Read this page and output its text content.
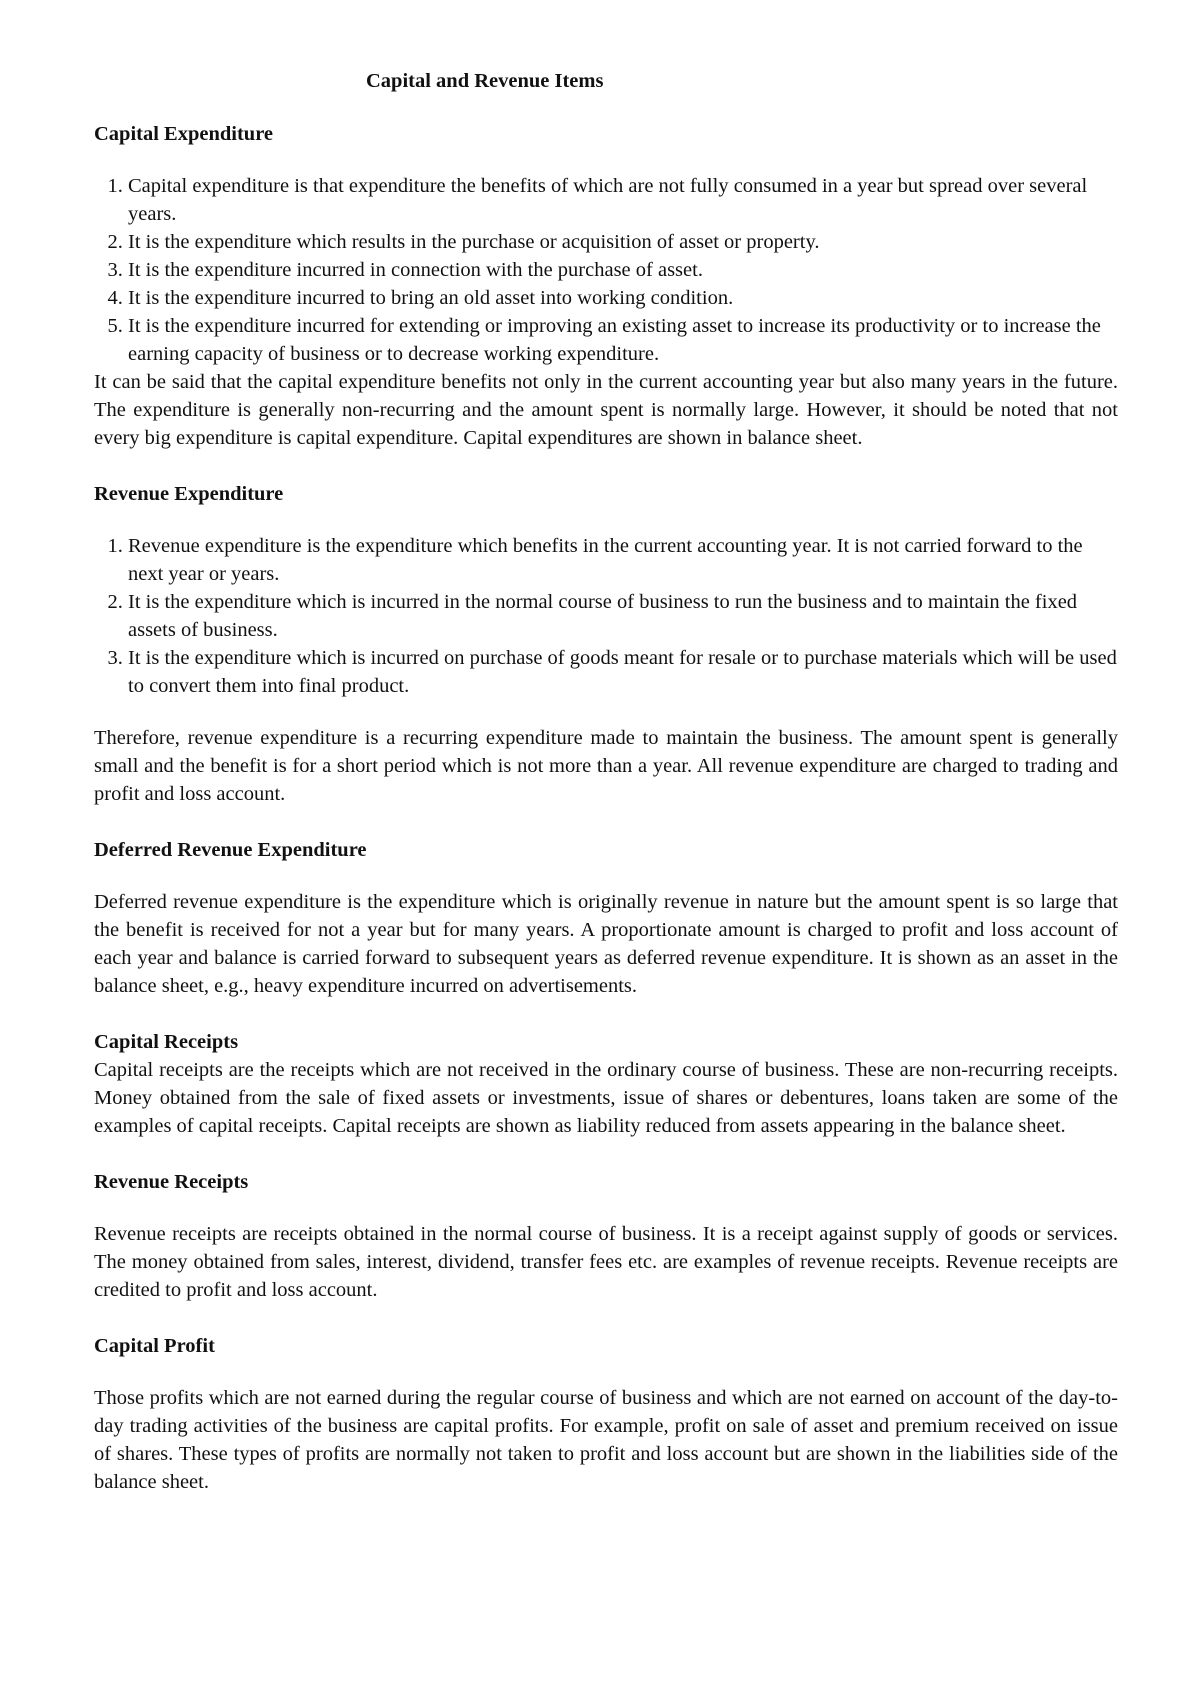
Capital and Revenue Items
Capital Expenditure
1. Capital expenditure is that expenditure the benefits of which are not fully consumed in a year but spread over several years.
2. It is the expenditure which results in the purchase or acquisition of asset or property.
3. It is the expenditure incurred in connection with the purchase of asset.
4. It is the expenditure incurred to bring an old asset into working condition.
5. It is the expenditure incurred for extending or improving an existing asset to increase its productivity or to increase the earning capacity of business or to decrease working expenditure.

It can be said that the capital expenditure benefits not only in the current accounting year but also many years in the future. The expenditure is generally non-recurring and the amount spent is normally large. However, it should be noted that not every big expenditure is capital expenditure. Capital expenditures are shown in balance sheet.

Revenue Expenditure
1. Revenue expenditure is the expenditure which benefits in the current accounting year. It is not carried forward to the next year or years.
2. It is the expenditure which is incurred in the normal course of business to run the business and to maintain the fixed assets of business.
3. It is the expenditure which is incurred on purchase of goods meant for resale or to purchase materials which will be used to convert them into final product.

Therefore, revenue expenditure is a recurring expenditure made to maintain the business. The amount spent is generally small and the benefit is for a short period which is not more than a year. All revenue expenditure are charged to trading and profit and loss account.

Deferred Revenue Expenditure

Deferred revenue expenditure is the expenditure which is originally revenue in nature but the amount spent is so large that the benefit is received for not a year but for many years. A proportionate amount is charged to profit and loss account of each year and balance is carried forward to subsequent years as deferred revenue expenditure. It is shown as an asset in the balance sheet, e.g., heavy expenditure incurred on advertisements.

Capital Receipts

Capital receipts are the receipts which are not received in the ordinary course of business. These are non-recurring receipts. Money obtained from the sale of fixed assets or investments, issue of shares or debentures, loans taken are some of the examples of capital receipts. Capital receipts are shown as liability reduced from assets appearing in the balance sheet.

Revenue Receipts

Revenue receipts are receipts obtained in the normal course of business. It is a receipt against supply of goods or services. The money obtained from sales, interest, dividend, transfer fees etc. are examples of revenue receipts. Revenue receipts are credited to profit and loss account.

Capital Profit

Those profits which are not earned during the regular course of business and which are not earned on account of the day-to-day trading activities of the business are capital profits. For example, profit on sale of asset and premium received on issue of shares. These types of profits are normally not taken to profit and loss account but are shown in the liabilities side of the balance sheet.
